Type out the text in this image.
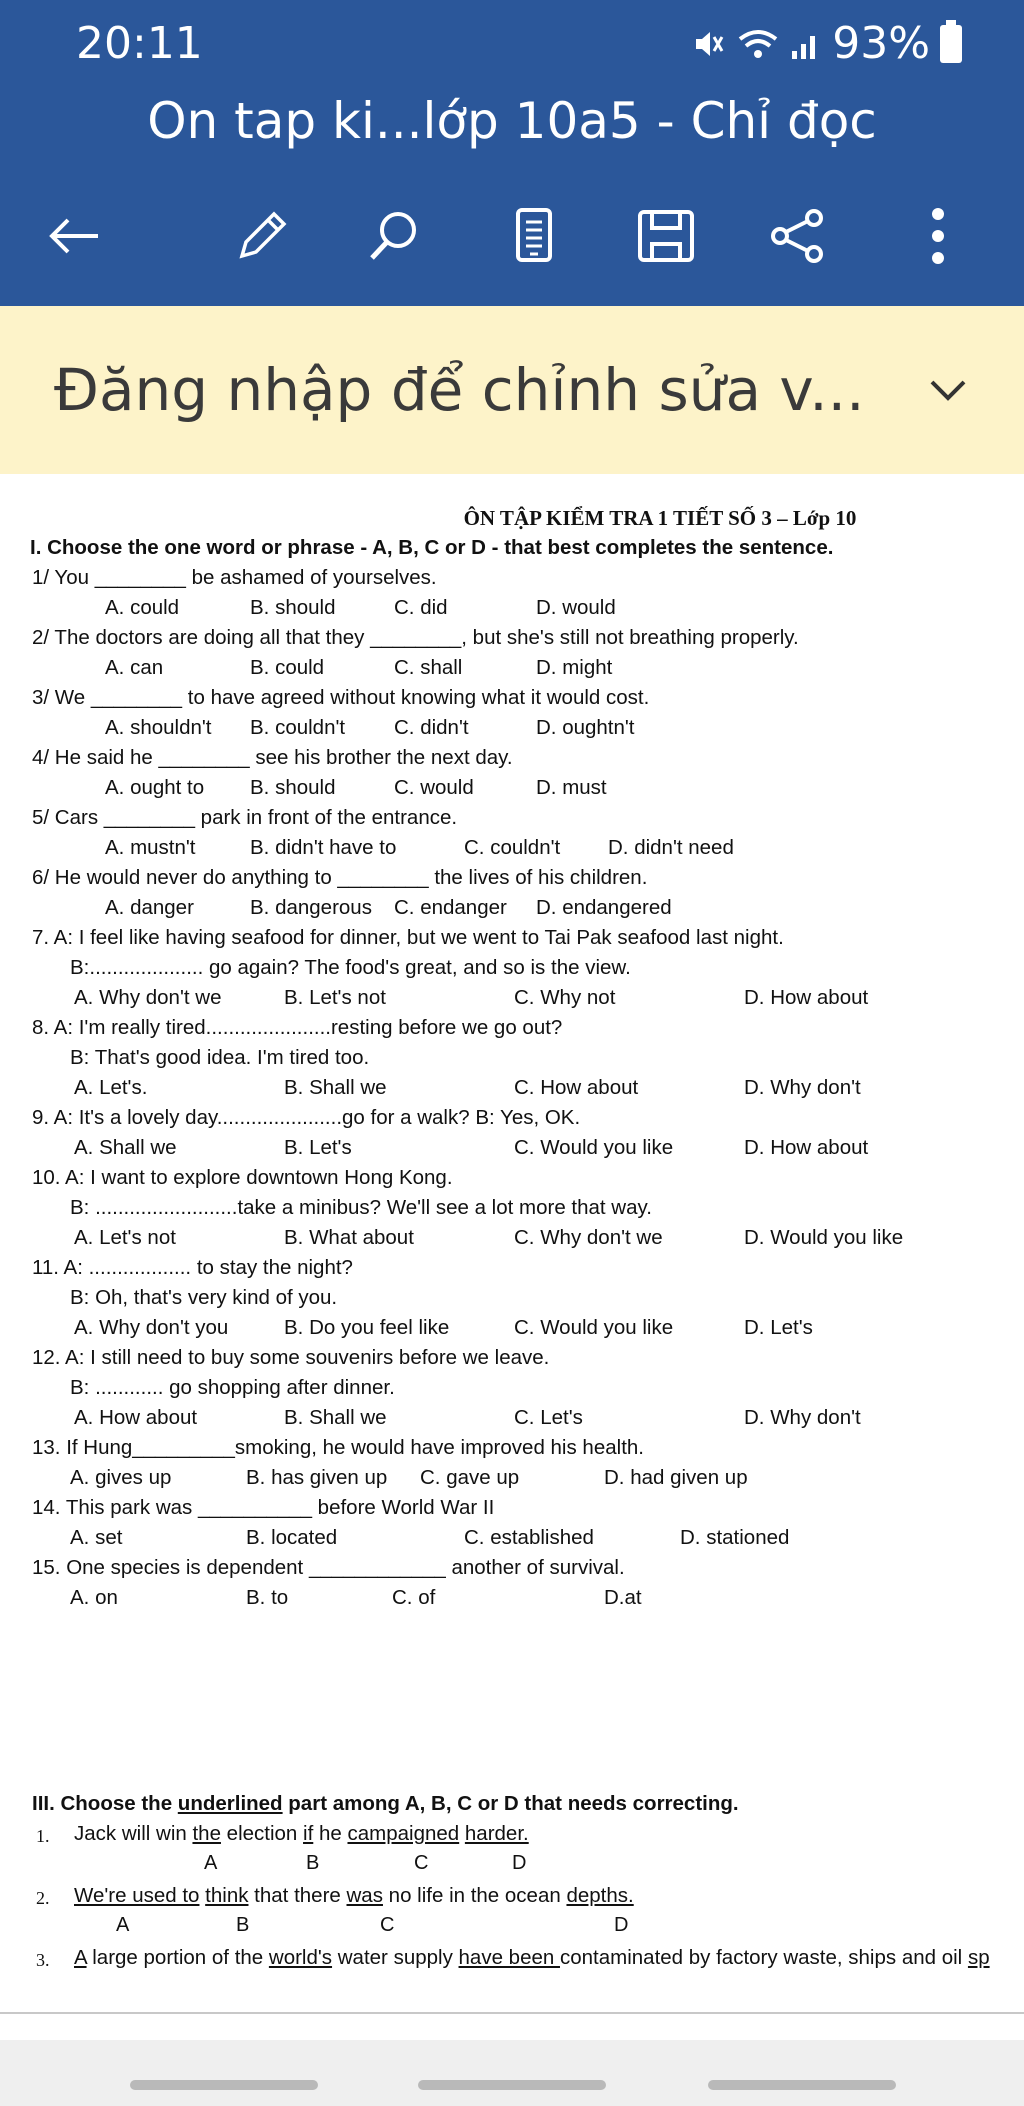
20:11	93%
On tap ki...lớp 10a5 - Chỉ đọc
Đăng nhập để chỉnh sửa v...
ÔN TẬP KIỂM TRA 1 TIẾT SỐ 3 – Lớp 10
I. Choose the one word or phrase - A, B, C or D - that best completes the sentence.
1/ You ________ be ashamed of yourselves.
A. could	B. should	C. did	D. would
2/ The doctors are doing all that they ________, but she's still not breathing properly.
A. can	B. could	C. shall	D. might
3/ We ________ to have agreed without knowing what it would cost.
A. shouldn't B. couldn't C. didn't	D. oughtn't
4/ He said he ________ see his brother the next day.
A. ought to B. should	C. would	D. must
5/ Cars ________ park in front of the entrance.
A. mustn't	B. didn't have to	C. couldn't D. didn't need
6/ He would never do anything to ________ the lives of his children.
A. danger	B. dangerous C. endanger D. endangered
7. A: I feel like having seafood for dinner, but we went to Tai Pak seafood last night.
B:.................... go again? The food's great, and so is the view.
A. Why don't we	B. Let's not	C. Why not	D. How about
8. A: I'm really tired......................resting before we go out?
B: That's good idea. I'm tired too.
A. Let's.	B. Shall we	C. How about	D. Why don't
9. A: It's a lovely day......................go for a walk? B: Yes, OK.
A. Shall we	B. Let's	C. Would you like	D. How about
10. A: I want to explore downtown Hong Kong.
B: .........................take a minibus? We'll see a lot more that way.
A. Let's not	B. What about	C. Why don't we	D. Would you like
11. A: .................. to stay the night?
B: Oh, that's very kind of you.
A. Why don't you	B. Do you feel like	C. Would you like	D. Let's
12. A: I still need to buy some souvenirs before we leave.
B: ............ go shopping after dinner.
A. How about	B. Shall we	C. Let's	D. Why don't
13. If Hung_________smoking, he would have improved his health.
A. gives up	B. has given up C. gave up	D. had given up
14. This park was __________ before World War II
A. set	B. located	C. established	D. stationed
15. One species is dependent ____________ another of survival.
A. on	B. to	C. of	D.at
III. Choose the underlined part among A, B, C or D that needs correcting.
1. Jack will win the election if he campaigned harder.
A	B	C	D
2. We're used to think that there was no life in the ocean depths.
A	B	C	D
3. A large portion of the world's water supply have been contaminated by factory waste, ships and oil sp
